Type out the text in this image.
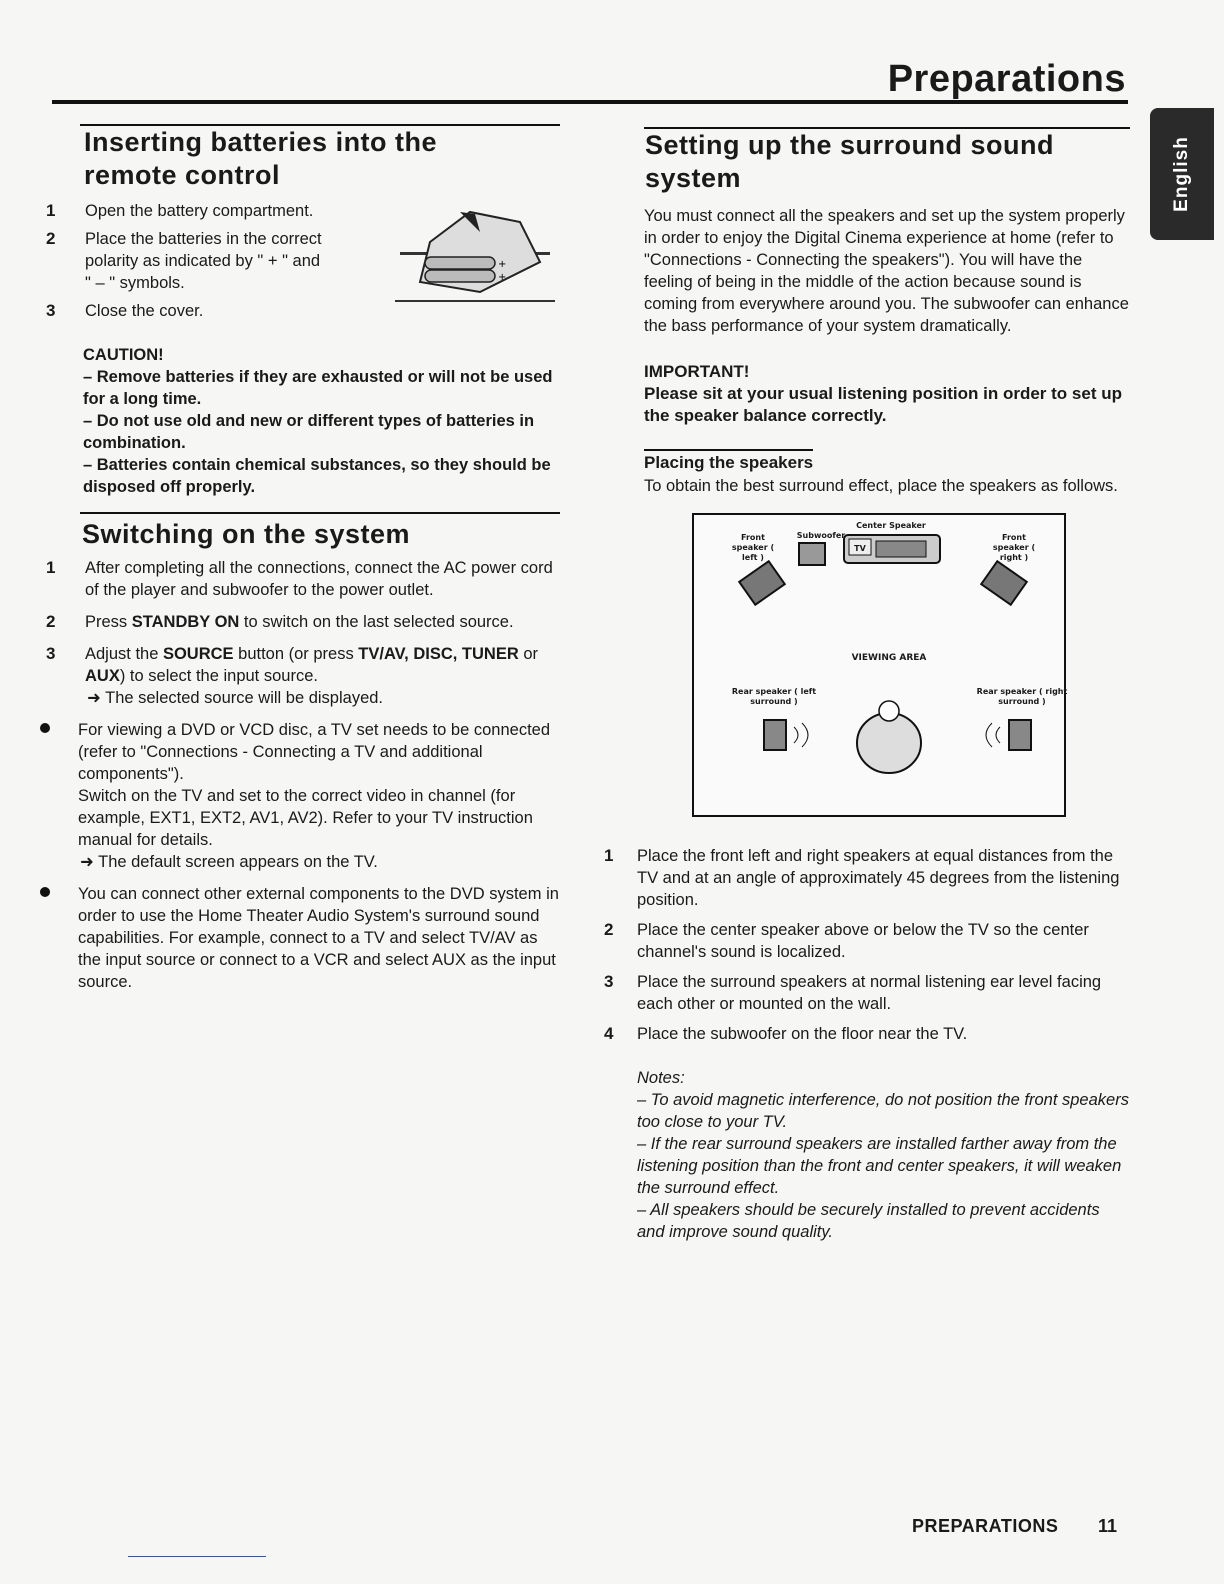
Preparations
English
Inserting batteries into the remote control
+
+
1 Open the battery compartment.
2 Place the batteries in the correct polarity as indicated by " + " and " – " symbols.
3 Close the cover.

CAUTION!

– Remove batteries if they are exhausted or will not be used for a long time.

– Do not use old and new or different types of batteries in combination.

– Batteries contain chemical substances, so they should be disposed off properly.

Switching on the system
1 After completing all the connections, connect the AC power cord of the player and subwoofer to the power outlet.
2 Press STANDBY ON to switch on the last selected source.
3 Adjust the SOURCE button (or press TV/AV, DISC, TUNER or AUX) to select the input source.
➜ The selected source will be displayed.
For viewing a DVD or VCD disc, a TV set needs to be connected (refer to "Connections - Connecting a TV and additional components").
Switch on the TV and set to the correct video in channel (for example, EXT1, EXT2, AV1, AV2). Refer to your TV instruction manual for details.
➜ The default screen appears on the TV.
You can connect other external components to the DVD system in order to use the Home Theater Audio System's surround sound capabilities. For example, connect to a TV and select TV/AV as the input source or connect to a VCR and select AUX as the input source.
Setting up the surround sound system

You must connect all the speakers and set up the system properly in order to enjoy the Digital Cinema experience at home (refer to "Connections - Connecting the speakers"). You will have the feeling of being in the middle of the action because sound is coming from everywhere around you. The subwoofer can enhance the bass performance of your system dramatically.

IMPORTANT!
Please sit at your usual listening position in order to set up the speaker balance correctly.
Placing the speakers

To obtain the best surround effect, place the speakers as follows.

Center Speaker
Subwoofer
TV
Front speaker ( left )
Front speaker ( right )
VIEWING AREA
Rear speaker ( left surround )
Rear speaker ( right surround )
1 Place the front left and right speakers at equal distances from the TV and at an angle of approximately 45 degrees from the listening position.
2 Place the center speaker above or below the TV so the center channel's sound is localized.
3 Place the surround speakers at normal listening ear level facing each other or mounted on the wall.
4 Place the subwoofer on the floor near the TV.

Notes:

– To avoid magnetic interference, do not position the front speakers too close to your TV.

– If the rear surround speakers are installed farther away from the listening position than the front and center speakers, it will weaken the surround effect.

– All speakers should be securely installed to prevent accidents and improve sound quality.

PREPARATIONS 11
